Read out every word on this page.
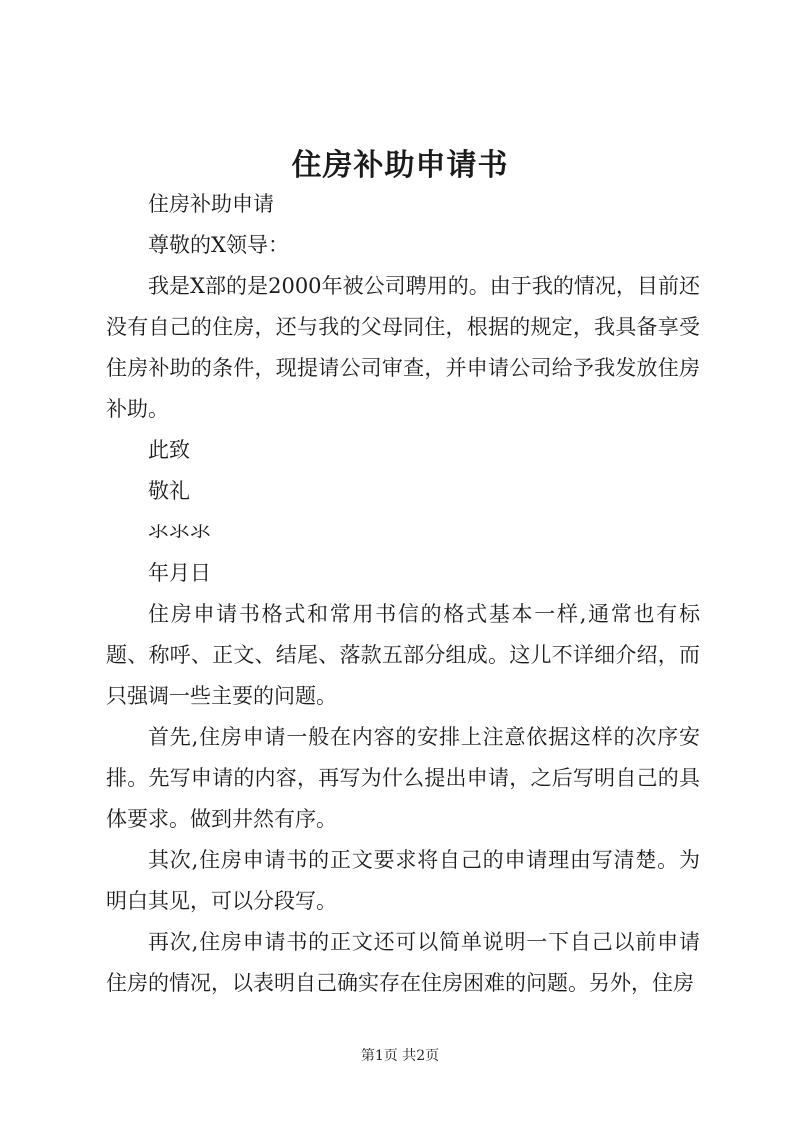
住房补助申请书

住房补助申请

尊敬的X领导：

我是X部的是2000年被公司聘用的。由于我的情况，目前还没有自己的住房，还与我的父母同住，根据的规定，我具备享受住房补助的条件，现提请公司审查，并申请公司给予我发放住房补助。

此致

敬礼

氺氺氺

年月日

住房申请书格式和常用书信的格式基本一样,通常也有标题、称呼、正文、结尾、落款五部分组成。这儿不详细介绍，而只强调一些主要的问题。

首先,住房申请一般在内容的安排上注意依据这样的次序安排。先写申请的内容，再写为什么提出申请，之后写明自己的具体要求。做到井然有序。

其次,住房申请书的正文要求将自己的申请理由写清楚。为明白其见，可以分段写。

再次,住房申请书的正文还可以简单说明一下自己以前申请住房的情况，以表明自己确实存在住房困难的问题。另外，住房

第1页 共2页
